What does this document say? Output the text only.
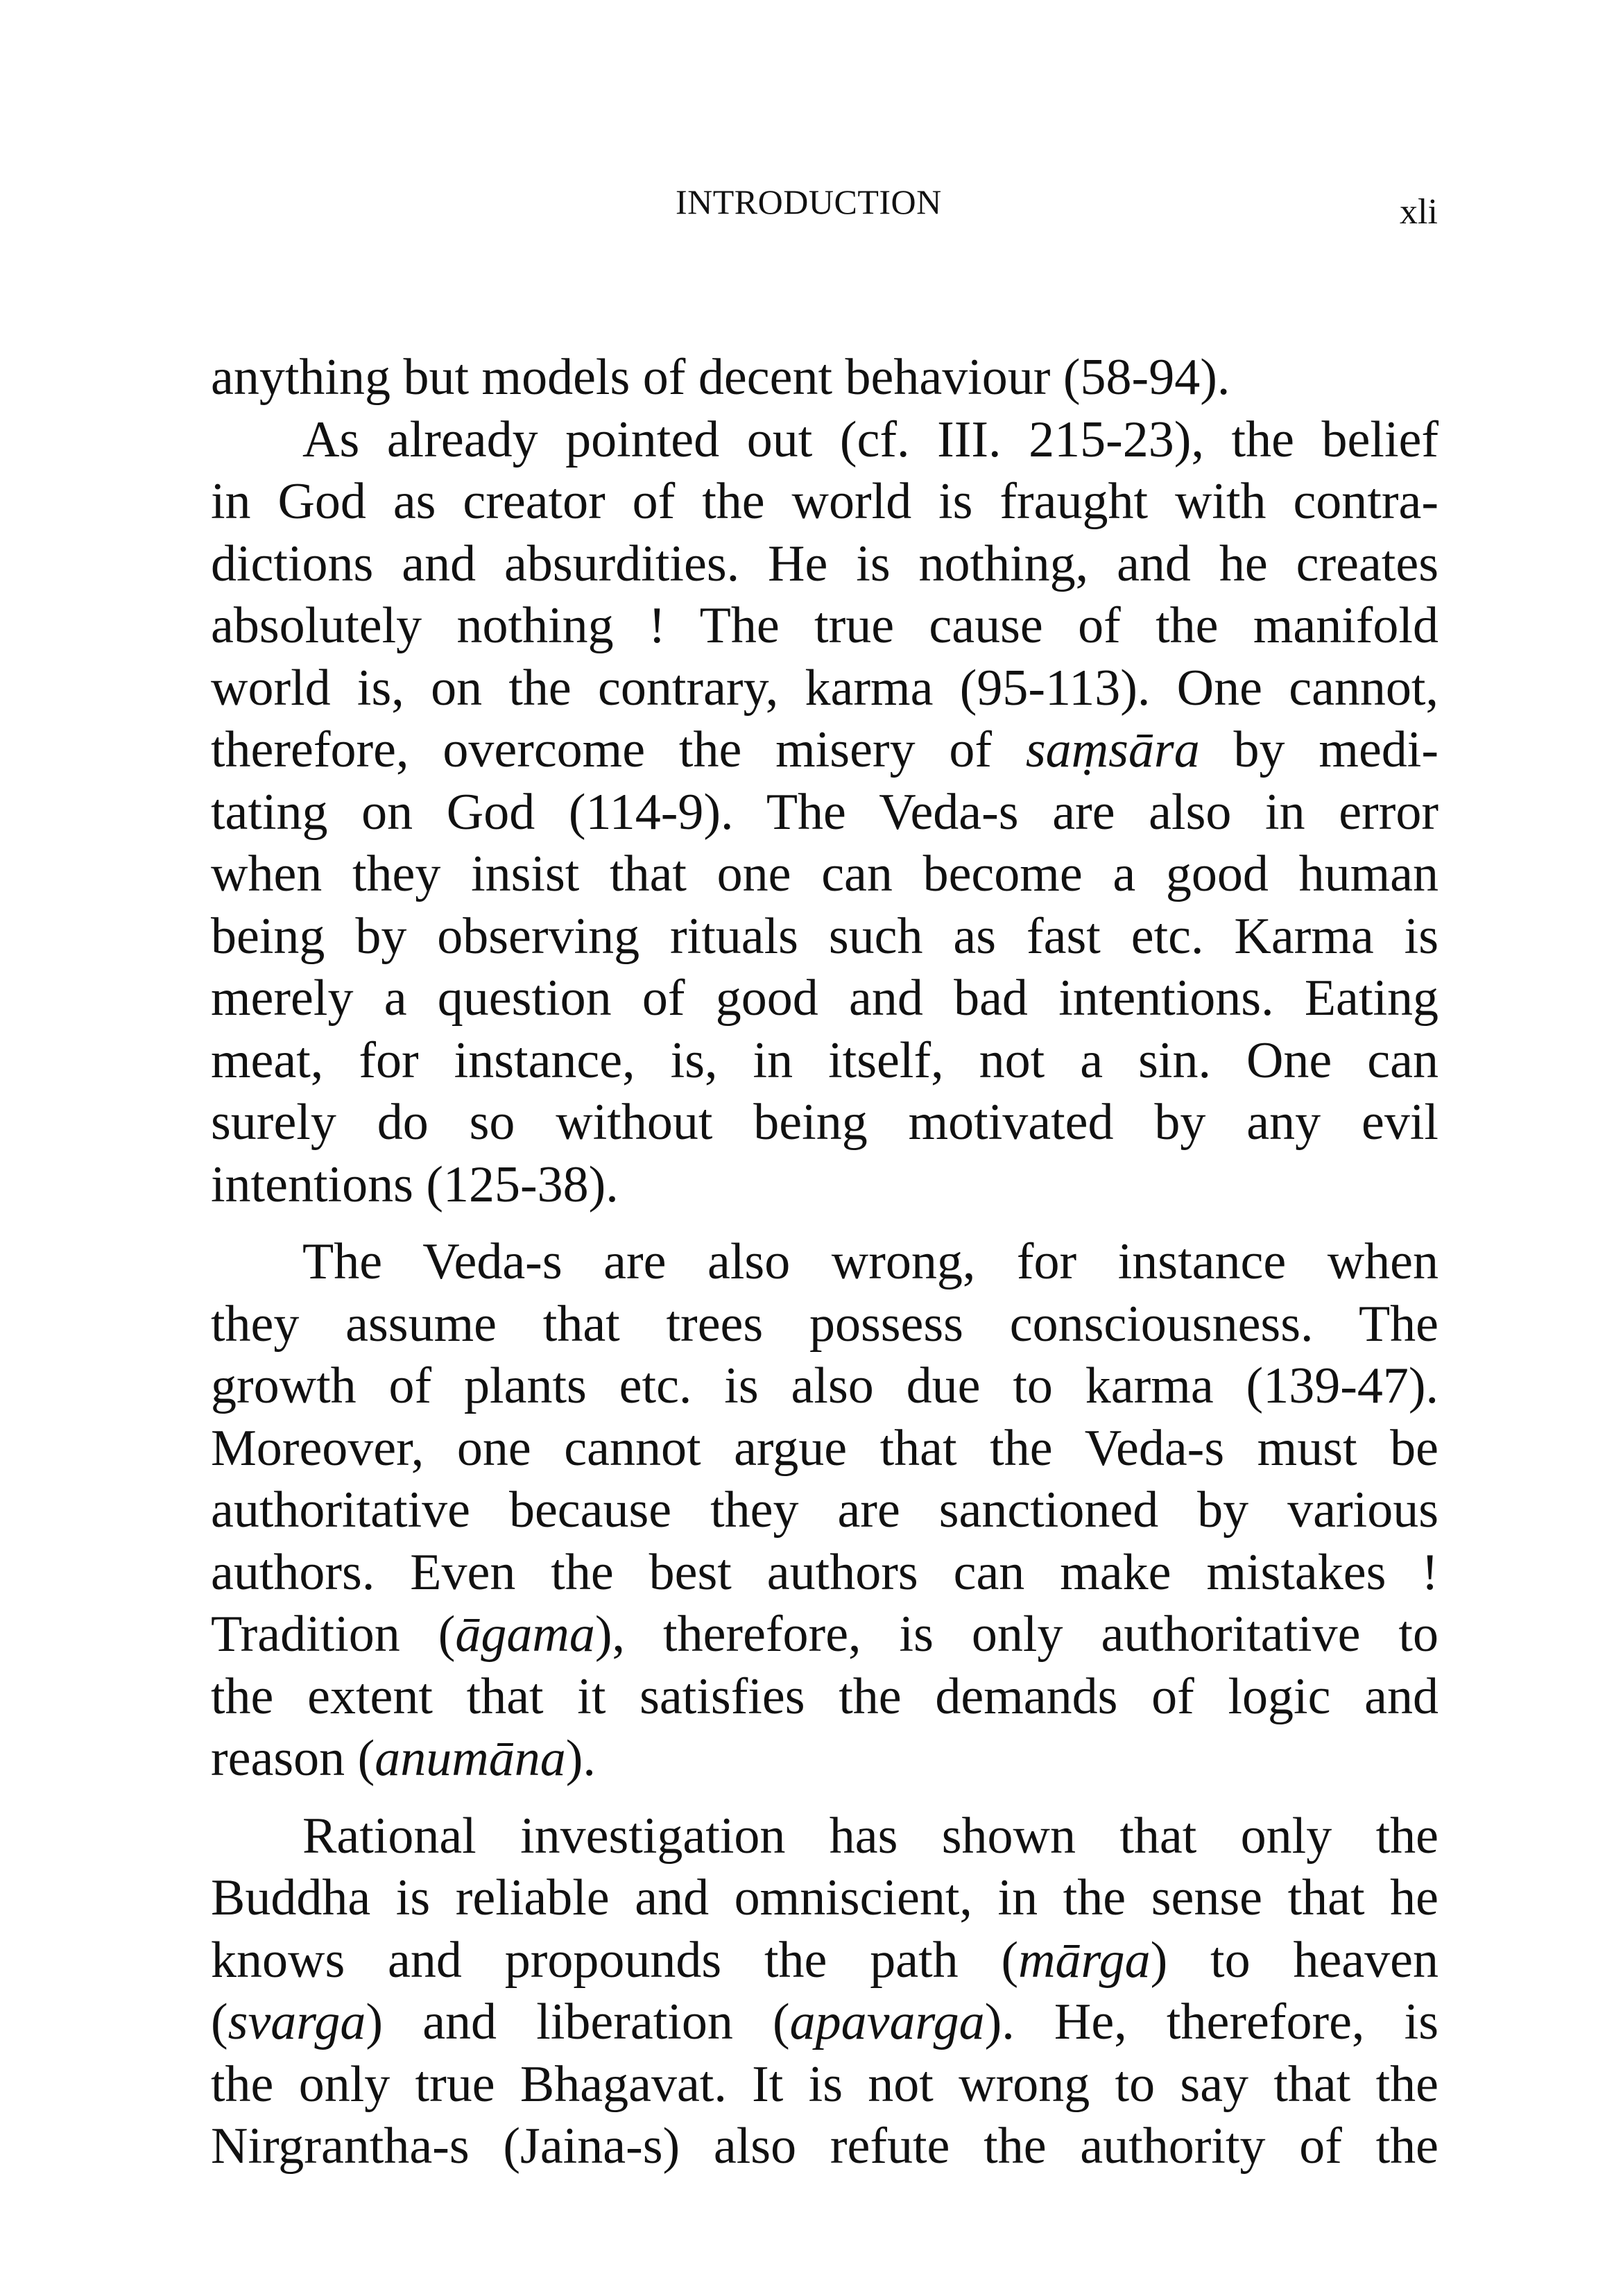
INTRODUCTION	xli
anything but models of decent behaviour (58-94).
As already pointed out (cf. III. 215-23), the belief
in God as creator of the world is fraught with contra-
dictions and absurdities. He is nothing, and he creates
absolutely nothing ! The true cause of the manifold
world is, on the contrary, karma (95-113). One cannot,
therefore, overcome the misery of saṃsāra by medi-
tating on God (114-9). The Veda-s are also in error
when they insist that one can become a good human
being by observing rituals such as fast etc. Karma is
merely a question of good and bad intentions. Eating
meat, for instance, is, in itself, not a sin. One can
surely do so without being motivated by any evil
intentions (125-38).
The Veda-s are also wrong, for instance when
they assume that trees possess consciousness. The
growth of plants etc. is also due to karma (139-47).
Moreover, one cannot argue that the Veda-s must be
authoritative because they are sanctioned by various
authors. Even the best authors can make mistakes !
Tradition (āgama), therefore, is only authoritative to
the extent that it satisfies the demands of logic and
reason (anumāna).
Rational investigation has shown that only the
Buddha is reliable and omniscient, in the sense that he
knows and propounds the path (mārga) to heaven
(svarga) and liberation (apavarga). He, therefore, is
the only true Bhagavat. It is not wrong to say that the
Nirgrantha-s (Jaina-s) also refute the authority of the
